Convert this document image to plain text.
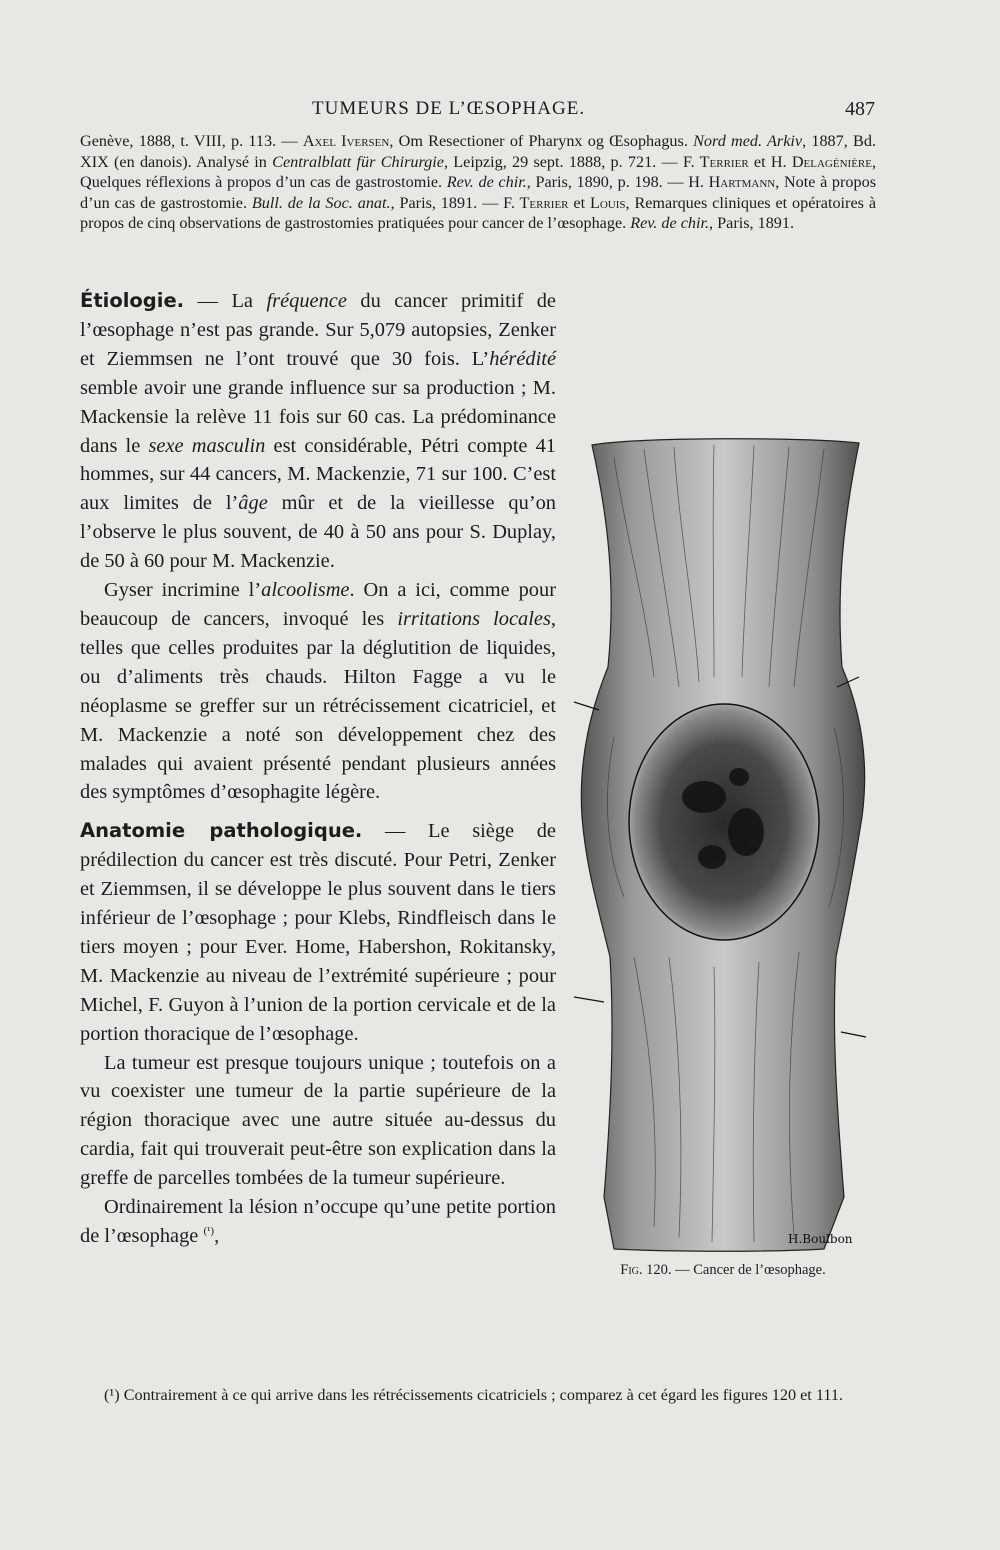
TUMEURS DE L’ŒSOPHAGE.	487

Genève, 1888, t. VIII, p. 113. — Axel Iversen, Om Resectioner of Pharynx og Œsophagus. Nord med. Arkiv, 1887, Bd. XIX (en danois). Analysé in Centralblatt für Chirurgie, Leipzig, 29 sept. 1888, p. 721. — F. Terrier et H. Delagénière, Quelques réflexions à propos d’un cas de gastrostomie. Rev. de chir., Paris, 1890, p. 198. — H. Hartmann, Note à propos d’un cas de gastrostomie. Bull. de la Soc. anat., Paris, 1891. — F. Terrier et Louis, Remarques cliniques et opératoires à propos de cinq observations de gastrostomies pratiquées pour cancer de l’œsophage. Rev. de chir., Paris, 1891.

H.Boulbon
Fig. 120. — Cancer de l’œsophage.

Étiologie. — La fréquence du cancer primitif de l’œsophage n’est pas grande. Sur 5,079 autopsies, Zenker et Ziemmsen ne l’ont trouvé que 30 fois. L’hérédité semble avoir une grande influence sur sa production ; M. Mackensie la relève 11 fois sur 60 cas. La prédominance dans le sexe masculin est considérable, Pétri compte 41 hommes, sur 44 cancers, M. Mackenzie, 71 sur 100. C’est aux limites de l’âge mûr et de la vieillesse qu’on l’observe le plus souvent, de 40 à 50 ans pour S. Duplay, de 50 à 60 pour M. Mackenzie.

Gyser incrimine l’alcoolisme. On a ici, comme pour beaucoup de cancers, invoqué les irritations locales, telles que celles produites par la déglutition de liquides, ou d’aliments très chauds. Hilton Fagge a vu le néoplasme se greffer sur un rétrécissement cicatriciel, et M. Mackenzie a noté son développement chez des malades qui avaient présenté pendant plusieurs années des symptômes d’œsophagite légère.

Anatomie pathologique. — Le siège de prédilection du cancer est très discuté. Pour Petri, Zenker et Ziemmsen, il se développe le plus souvent dans le tiers inférieur de l’œsophage ; pour Klebs, Rindfleisch dans le tiers moyen ; pour Ever. Home, Habershon, Rokitansky, M. Mackenzie au niveau de l’extrémité supérieure ; pour Michel, F. Guyon à l’union de la portion cervicale et de la portion thoracique de l’œsophage.

La tumeur est presque toujours unique ; toutefois on a vu coexister une tumeur de la partie supérieure de la région thoracique avec une autre située au-dessus du cardia, fait qui trouverait peut-être son explication dans la greffe de parcelles tombées de la tumeur supérieure.

Ordinairement la lésion n’occupe qu’une petite portion de l’œsophage $^{(^1)}$,

(¹) Contrairement à ce qui arrive dans les rétrécissements cicatriciels ; comparez à cet égard les figures 120 et 111.
